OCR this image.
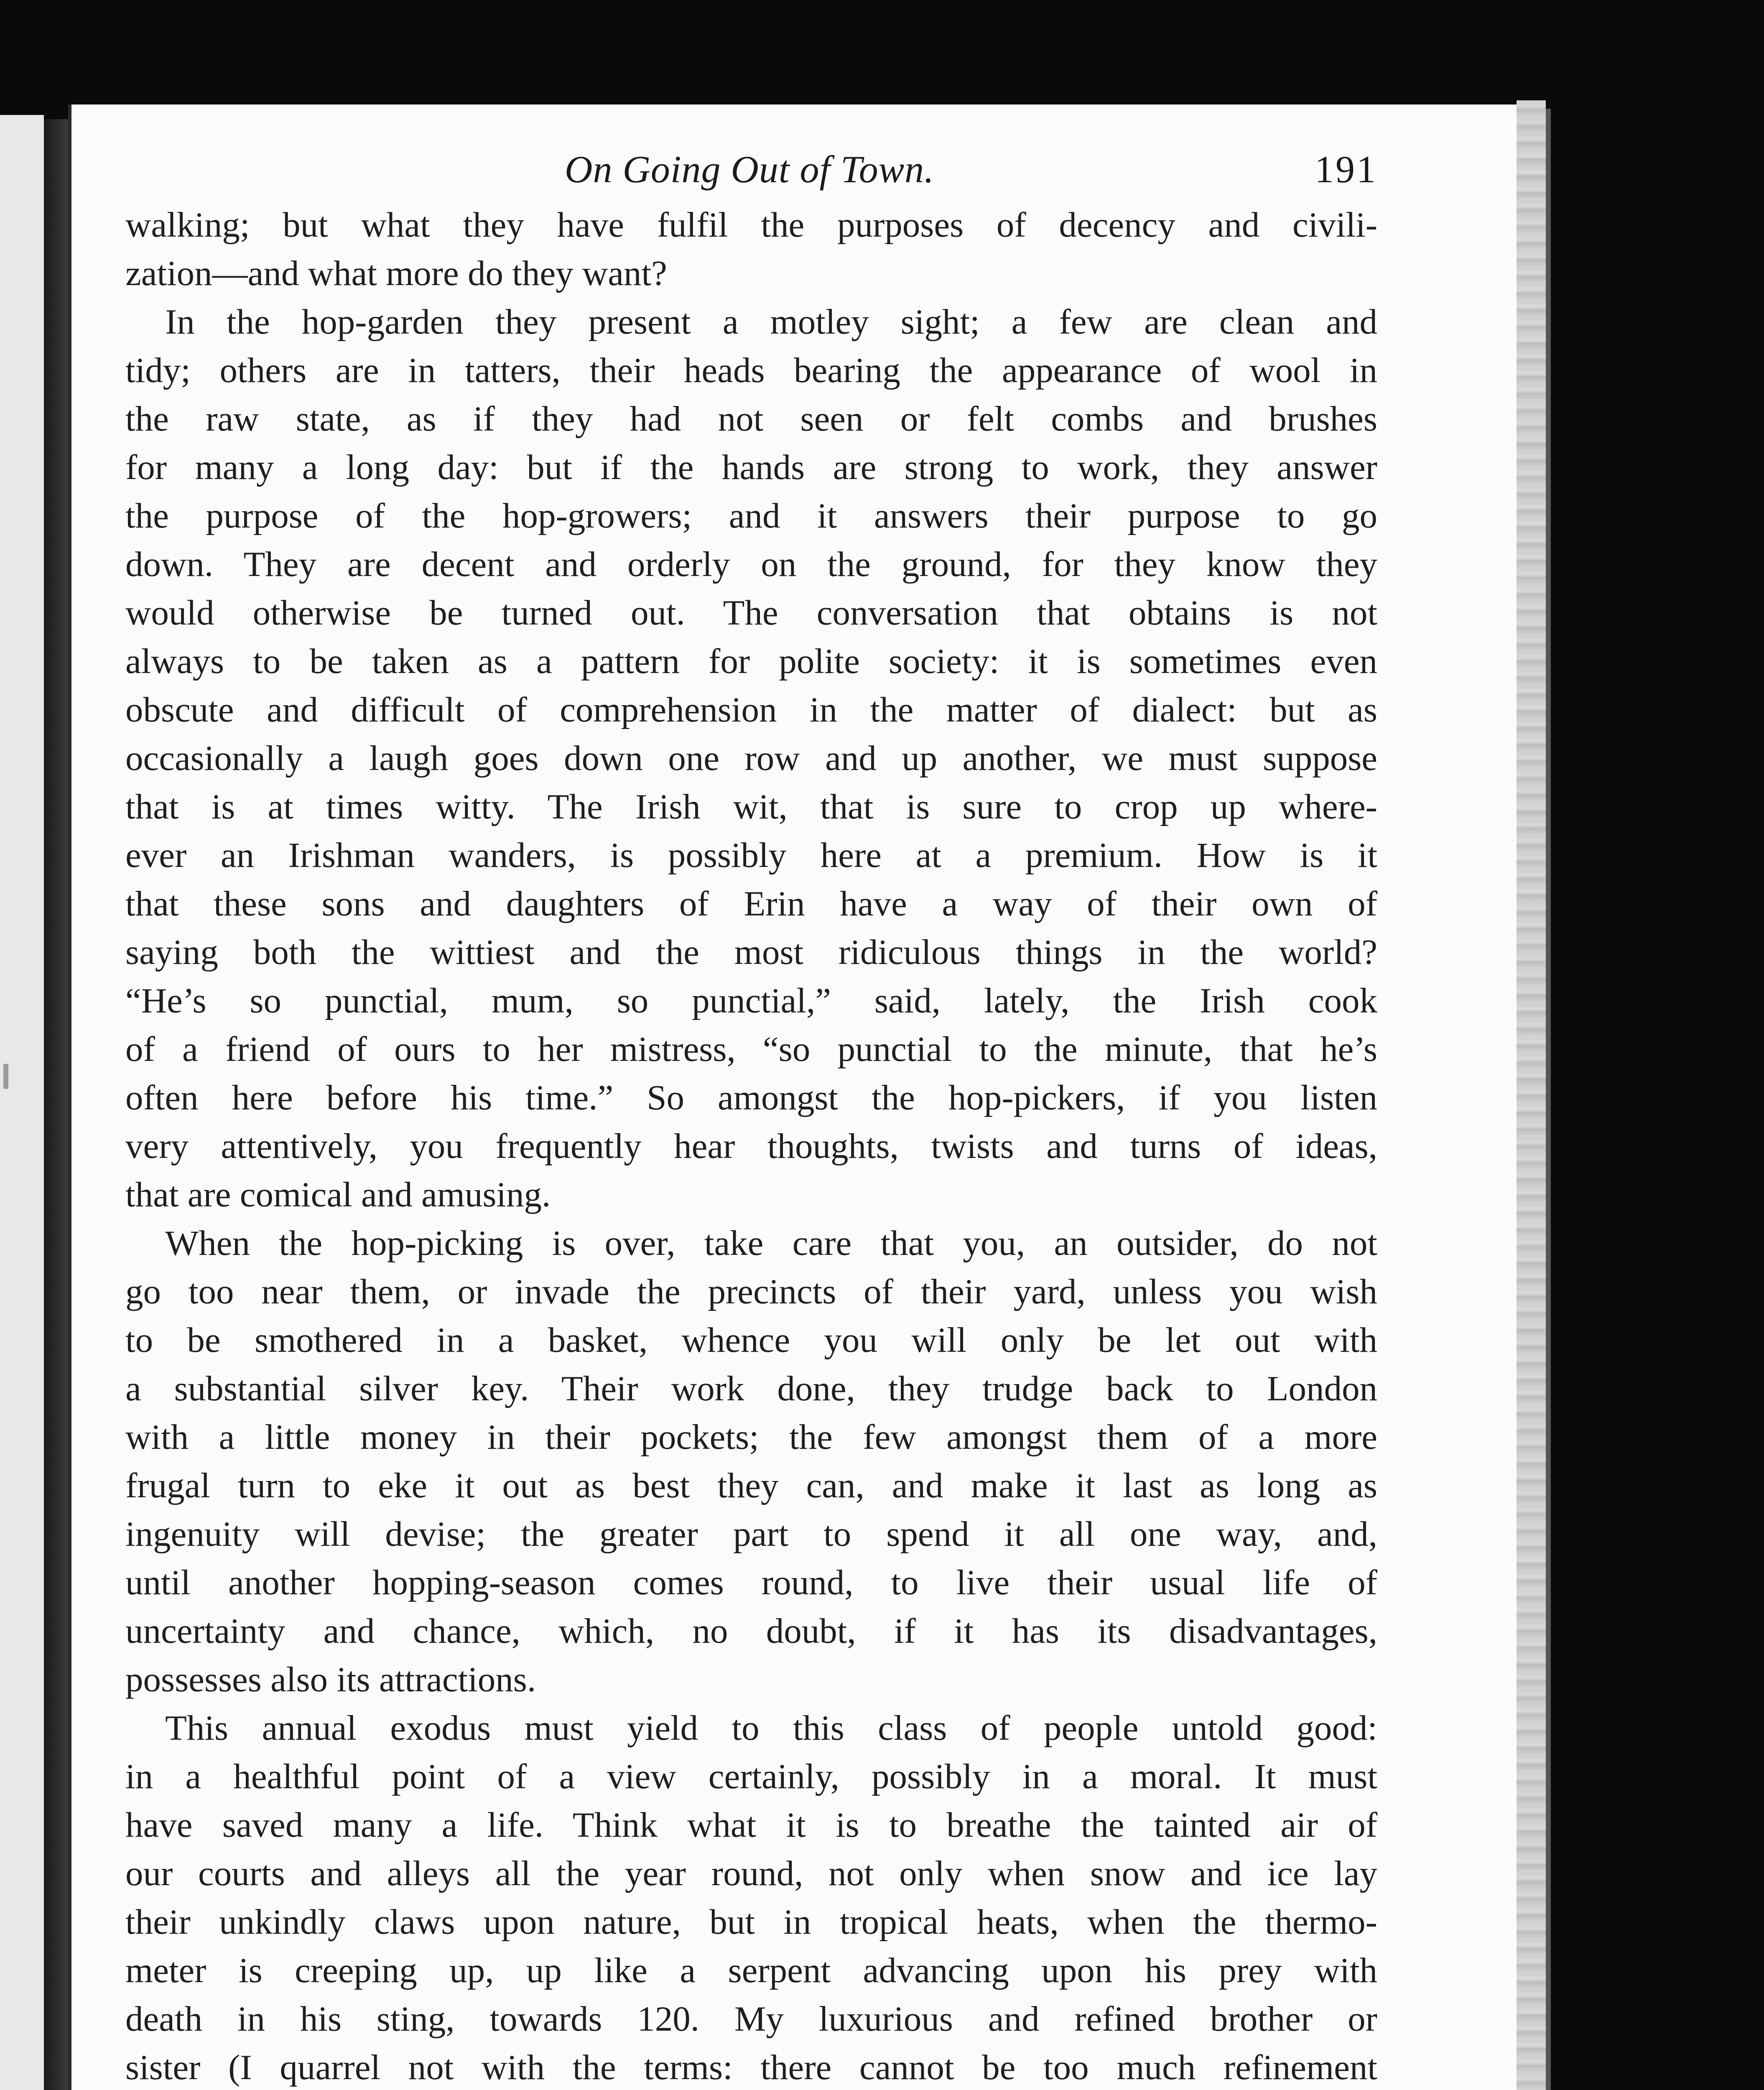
On Going Out of Town.	191
walking; but what they have fulfil the purposes of decency and civili-
zation—and what more do they want?
In the hop-garden they present a motley sight; a few are clean and
tidy; others are in tatters, their heads bearing the appearance of wool in
the raw state, as if they had not seen or felt combs and brushes
for many a long day: but if the hands are strong to work, they answer
the purpose of the hop-growers; and it answers their purpose to go
down. They are decent and orderly on the ground, for they know they
would otherwise be turned out. The conversation that obtains is not
always to be taken as a pattern for polite society: it is sometimes even
obscute and difficult of comprehension in the matter of dialect: but as
occasionally a laugh goes down one row and up another, we must suppose
that is at times witty. The Irish wit, that is sure to crop up where-
ever an Irishman wanders, is possibly here at a premium. How is it
that these sons and daughters of Erin have a way of their own of
saying both the wittiest and the most ridiculous things in the world?
“He’s so punctial, mum, so punctial,” said, lately, the Irish cook
of a friend of ours to her mistress, “so punctial to the minute, that he’s
often here before his time.” So amongst the hop-pickers, if you listen
very attentively, you frequently hear thoughts, twists and turns of ideas,
that are comical and amusing.
When the hop-picking is over, take care that you, an outsider, do not
go too near them, or invade the precincts of their yard, unless you wish
to be smothered in a basket, whence you will only be let out with
a substantial silver key. Their work done, they trudge back to London
with a little money in their pockets; the few amongst them of a more
frugal turn to eke it out as best they can, and make it last as long as
ingenuity will devise; the greater part to spend it all one way, and,
until another hopping-season comes round, to live their usual life of
uncertainty and chance, which, no doubt, if it has its disadvantages,
possesses also its attractions.
This annual exodus must yield to this class of people untold good:
in a healthful point of a view certainly, possibly in a moral. It must
have saved many a life. Think what it is to breathe the tainted air of
our courts and alleys all the year round, not only when snow and ice lay
their unkindly claws upon nature, but in tropical heats, when the thermo-
meter is creeping up, up like a serpent advancing upon his prey with
death in his sting, towards 120. My luxurious and refined brother or
sister (I quarrel not with the terms: there cannot be too much refinement
